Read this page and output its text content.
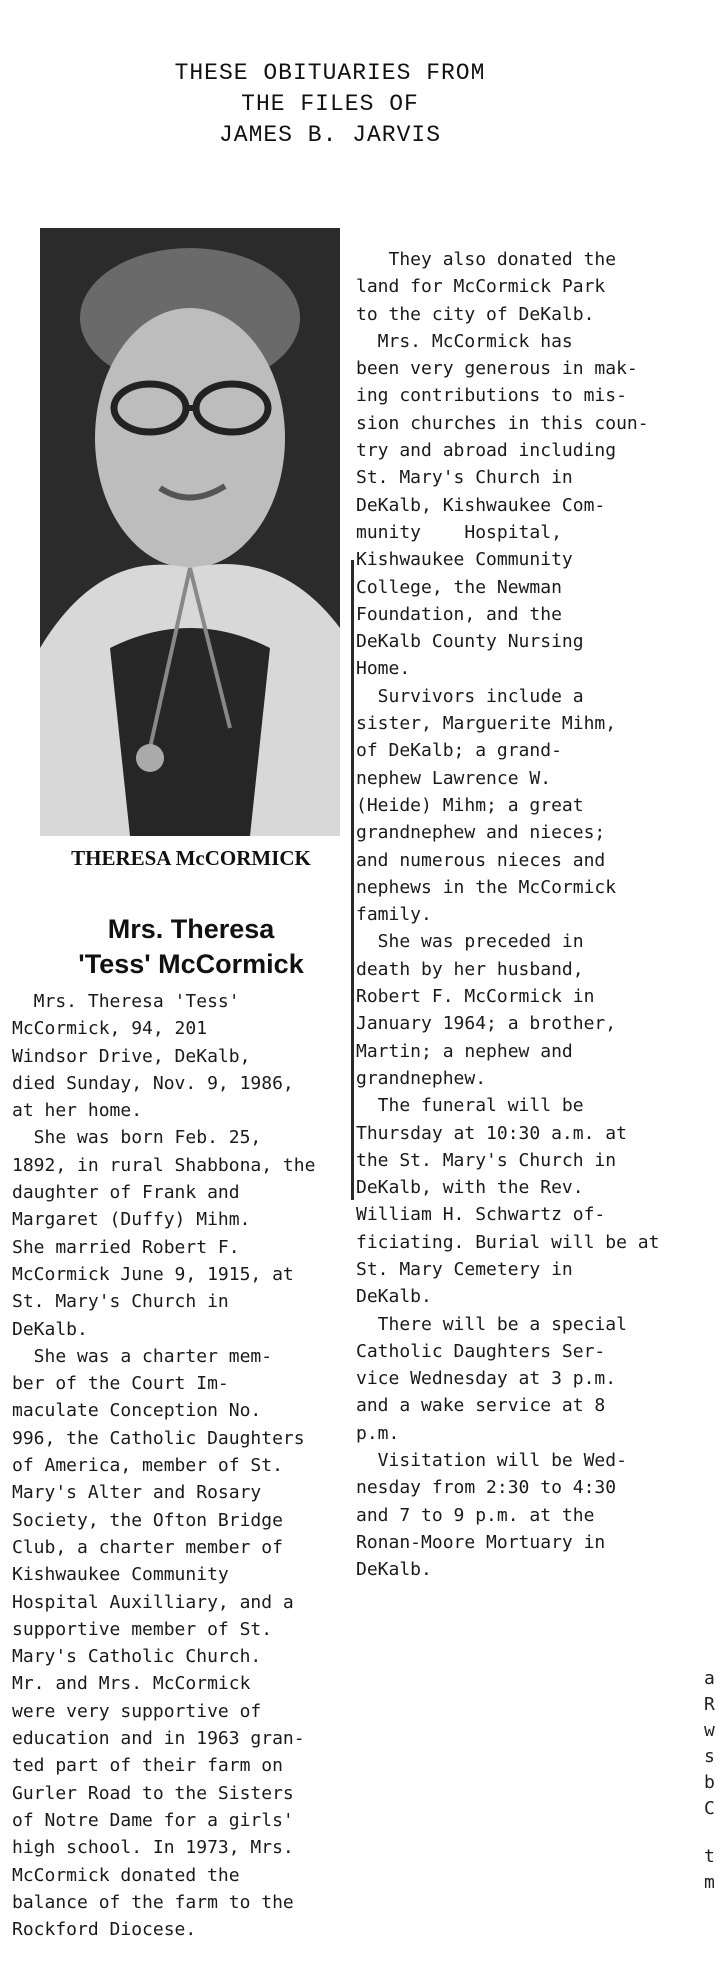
THESE OBITUARIES FROM
THE FILES OF
JAMES B. JARVIS
THERESA McCORMICK
Mrs. Theresa
'Tess' McCormick
Mrs. Theresa 'Tess'
McCormick, 94, 201
Windsor Drive, DeKalb,
died Sunday, Nov. 9, 1986,
at her home.
She was born Feb. 25,
1892, in rural Shabbona, the
daughter of Frank and
Margaret (Duffy) Mihm.
She married Robert F.
McCormick June 9, 1915, at
St. Mary's Church in
DeKalb.
She was a charter mem-
ber of the Court Im-
maculate Conception No.
996, the Catholic Daughters
of America, member of St.
Mary's Alter and Rosary
Society, the Ofton Bridge
Club, a charter member of
Kishwaukee Community
Hospital Auxilliary, and a
supportive member of St.
Mary's Catholic Church.
Mr. and Mrs. McCormick
were very supportive of
education and in 1963 gran-
ted part of their farm on
Gurler Road to the Sisters
of Notre Dame for a girls'
high school. In 1973, Mrs.
McCormick donated the
balance of the farm to the
Rockford Diocese.
They also donated the
land for McCormick Park
to the city of DeKalb.
Mrs. McCormick has
been very generous in mak-
ing contributions to mis-
sion churches in this coun-
try and abroad including
St. Mary's Church in
DeKalb, Kishwaukee Com-
munity    Hospital,
Kishwaukee Community
College, the Newman
Foundation, and the
DeKalb County Nursing
Home.
Survivors include a
sister, Marguerite Mihm,
of DeKalb; a grand-
nephew Lawrence W.
(Heide) Mihm; a great
grandnephew and nieces;
and numerous nieces and
nephews in the McCormick
family.
She was preceded in
death by her husband,
Robert F. McCormick in
January 1964; a brother,
Martin; a nephew and
grandnephew.
The funeral will be
Thursday at 10:30 a.m. at
the St. Mary's Church in
DeKalb, with the Rev.
William H. Schwartz of-
ficiating. Burial will be at
St. Mary Cemetery in
DeKalb.
There will be a special
Catholic Daughters Ser-
vice Wednesday at 3 p.m.
and a wake service at 8
p.m.
Visitation will be Wed-
nesday from 2:30 to 4:30
and 7 to 9 p.m. at the
Ronan-Moore Mortuary in
DeKalb.
a
R
w
s
b
C
t
m
